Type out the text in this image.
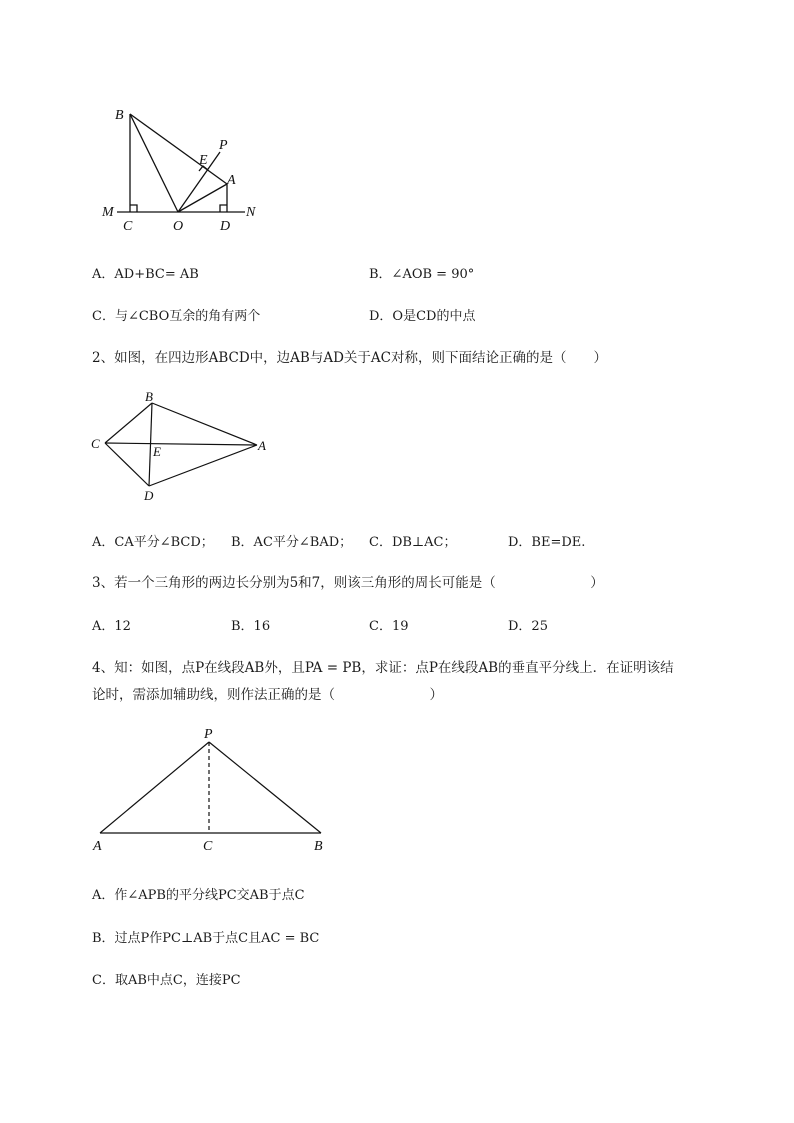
B
E
P
A
M
C	O	D
N
A．AD+BC= AB	B．∠AOB = 90°
C．与∠CBO互余的角有两个	D．O是CD的中点
2、如图，在四边形ABCD中，边AB与AD关于AC对称，则下面结论正确的是（　　）
B
C
E	A
D
A．CA平分∠BCD； B．AC平分∠BAD； C．DB⊥AC；	D．BE=DE.
3、若一个三角形的两边长分别为5和7，则该三角形的周长可能是（　　　　　　　）
A．12	B．16	C．19	D．25
4、知：如图，点P在线段AB外，且PA = PB，求证：点P在线段AB的垂直平分线上．在证明该结
论时，需添加辅助线，则作法正确的是（　　　　　　　）
P
A	C	B
A．作∠APB的平分线PC交AB于点C
B．过点P作PC⊥AB于点C且AC = BC
C．取AB中点C，连接PC
